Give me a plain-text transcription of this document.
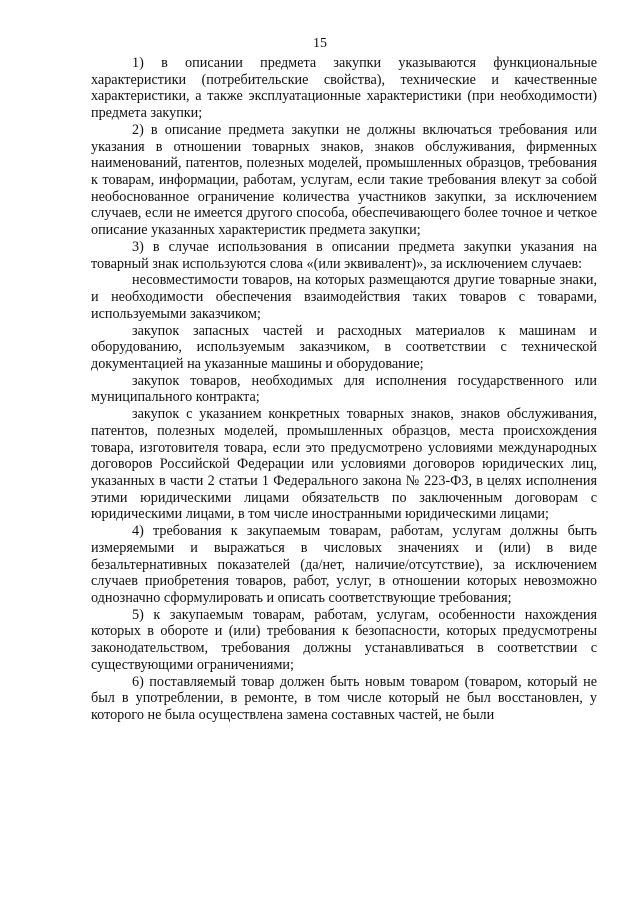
15

1) в описании предмета закупки указываются функциональные характеристики (потребительские свойства), технические и качественные характеристики, а также эксплуатационные характеристики (при необходимости) предмета закупки;

2) в описание предмета закупки не должны включаться требования или указания в отношении товарных знаков, знаков обслуживания, фирменных наименований, патентов, полезных моделей, промышленных образцов, требования к товарам, информации, работам, услугам, если такие требования влекут за собой необоснованное ограничение количества участников закупки, за исключением случаев, если не имеется другого способа, обеспечивающего более точное и четкое описание указанных характеристик предмета закупки;

3) в случае использования в описании предмета закупки указания на товарный знак используются слова «(или эквивалент)», за исключением случаев:

несовместимости товаров, на которых размещаются другие товарные знаки, и необходимости обеспечения взаимодействия таких товаров с товарами, используемыми заказчиком;

закупок запасных частей и расходных материалов к машинам и оборудованию, используемым заказчиком, в соответствии с технической документацией на указанные машины и оборудование;

закупок товаров, необходимых для исполнения государственного или муниципального контракта;

закупок с указанием конкретных товарных знаков, знаков обслуживания, патентов, полезных моделей, промышленных образцов, места происхождения товара, изготовителя товара, если это предусмотрено условиями международных договоров Российской Федерации или условиями договоров юридических лиц, указанных в части 2 статьи 1 Федерального закона № 223-ФЗ, в целях исполнения этими юридическими лицами обязательств по заключенным договорам с юридическими лицами, в том числе иностранными юридическими лицами;

4) требования к закупаемым товарам, работам, услугам должны быть измеряемыми и выражаться в числовых значениях и (или) в виде безальтернативных показателей (да/нет, наличие/отсутствие), за исключением случаев приобретения товаров, работ, услуг, в отношении которых невозможно однозначно сформулировать и описать соответствующие требования;

5) к закупаемым товарам, работам, услугам, особенности нахождения которых в обороте и (или) требования к безопасности, которых предусмотрены законодательством, требования должны устанавливаться в соответствии с существующими ограничениями;

6) поставляемый товар должен быть новым товаром (товаром, который не был в употреблении, в ремонте, в том числе который не был восстановлен, у которого не была осуществлена замена составных частей, не были
